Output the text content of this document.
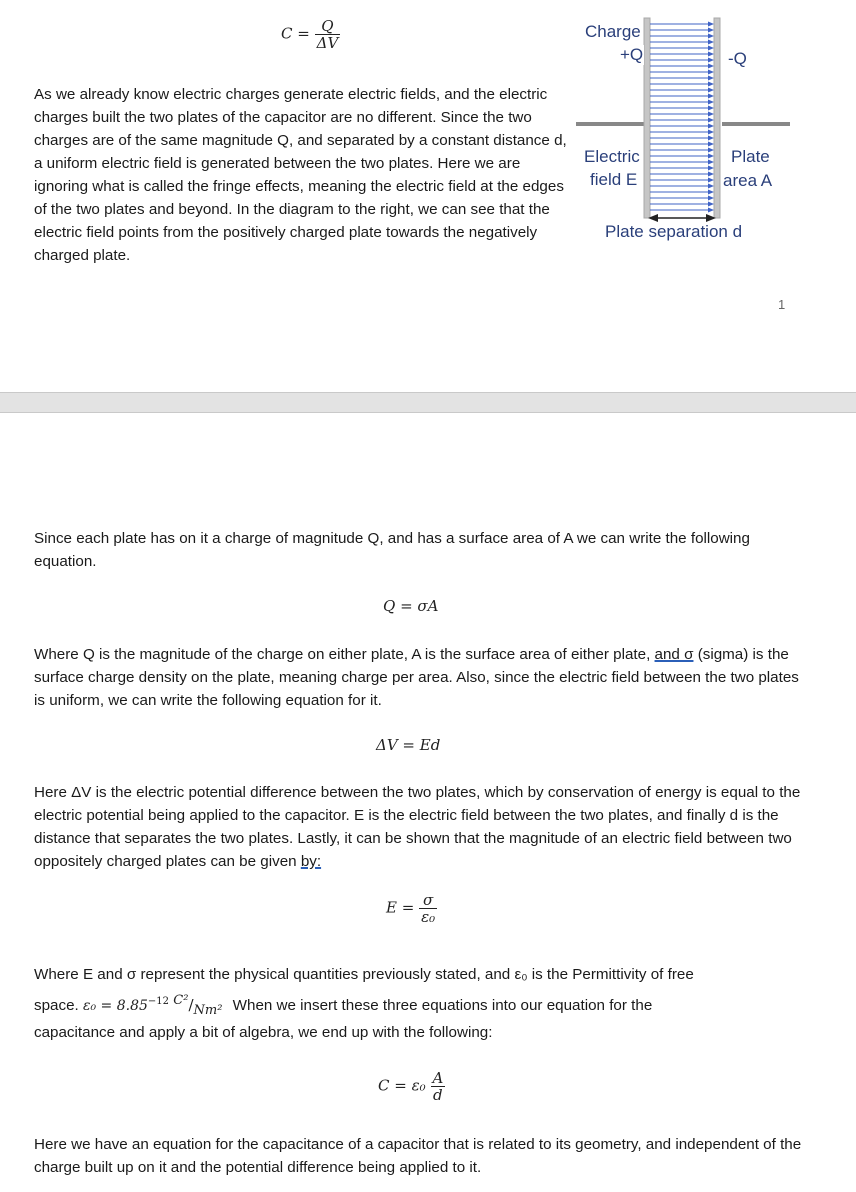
$C = \frac{Q}{\Delta V}$
As we already know electric charges generate electric fields, and the electric charges built the two plates of the capacitor are no different. Since the two charges are of the same magnitude Q, and separated by a constant distance d, a uniform electric field is generated between the two plates. Here we are ignoring what is called the fringe effects, meaning the electric field at the edges of the two plates and beyond. In the diagram to the right, we can see that the electric field points from the positively charged plate towards the negatively charged plate.
Charge
+Q	-Q
Electric
field E
Plate
area A
Plate separation d
1
Since each plate has on it a charge of magnitude Q, and has a surface area of A we can write the following equation.
Q = σA
Where Q is the magnitude of the charge on either plate, A is the surface area of either plate, and σ (sigma) is the surface charge density on the plate, meaning charge per area. Also, since the electric field between the two plates is uniform, we can write the following equation for it.
ΔV = Ed
Here ΔV is the electric potential difference between the two plates, which by conservation of energy is equal to the electric potential being applied to the capacitor. E is the electric field between the two plates, and finally d is the distance that separates the two plates. Lastly, it can be shown that the magnitude of an electric field between two oppositely charged plates can be given by:
$E = \frac{\sigma}{\text{ε₀}}$
Where E and σ represent the physical quantities previously stated, and ε₀ is the Permittivity of free
space. $\varepsilon_0 = 8.85^{-12}$ C²/Nm² When we insert these three equations into our equation for the
capacitance and apply a bit of algebra, we end up with the following:
$C = \varepsilon_0 \frac{A}{d}$
Here we have an equation for the capacitance of a capacitor that is related to its geometry, and independent of the charge built up on it and the potential difference being applied to it.
